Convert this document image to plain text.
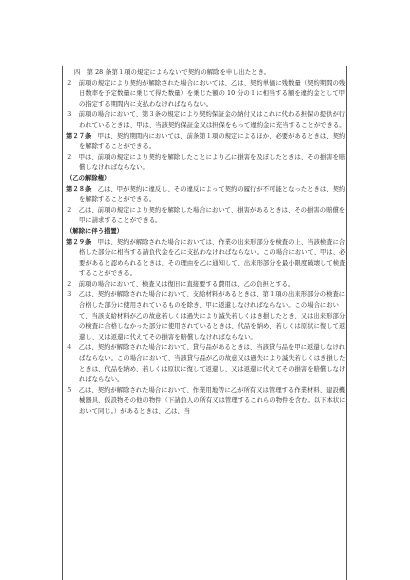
四　第 28 条第１項の規定によらないで契約の解除を申し出たとき。

２　前項の規定により契約が解除された場合においては、乙は、契約単価に残数量（契約期間の残日数率を予定数量に乗じて得た数量）を乗じた額の 10 分の１に相当する額を違約金として甲の指定する期間内に支払わなければならない。

３　前項の場合において、第３条の規定により契約保証金の納付又はこれに代わる担保の提供が行われているときは、甲は、当該契約保証金又は担保をもって違約金に充当することができる。

第２７条　甲は、契約期間内においては、前条第１項の規定によるほか、必要があるときは、契約を解除することができる。

２　甲は、前項の規定により契約を解除したことにより乙に損害を及ぼしたときは、その損害を賠償しなければならない。

（乙の解除権）

第２８条　乙は、甲が契約に違反し、その違反によって契約の履行が不可能となったときは、契約を解除することができる。

２　乙は、前項の規定により契約を解除した場合において、損害があるときは、その損害の賠償を甲に請求することができる。

（解除に伴う措置）

第２９条　甲は、契約が解除された場合においては、作業の出来形部分を検査の上、当該検査に合格した部分に相当する請負代金を乙に支払わなければならない。この場合において、甲は、必要があると認められるときは、その理由を乙に通知して、出来形部分を最小限度破壊して検査することができる。

２　前項の場合において、検査又は復旧に直接要する費用は、乙の負担とする。

３　乙は、契約が解除された場合において、支給材料があるときは、第１項の出来形部分の検査に合格した部分に使用されているものを除き、甲に返還しなければならない。この場合において、当該支給材料が乙の故意若しくは過失により滅失若しくはき損したとき、又は出来形部分の検査に合格しなかった部分に使用されているときは、代品を納め、若しくは原状に復して返還し、又は返還に代えてその損害を賠償しなければならない。

４　乙は、契約が解除された場合において、貸与品があるときは、当該貸与品を甲に返還しなければならない。この場合において、当該貸与品が乙の故意又は過失により滅失若しくはき損したときは、代品を納め、若しくは原状に復して返還し、又は返還に代えてその損害を賠償しなければならない。

５　乙は、契約が解除された場合において、作業用地等に乙が所有又は管理する作業材料、建設機械器具、仮設物その他の物件（下請負人の所有又は管理するこれらの物件を含む。以下本状において同じ。）があるときは、乙は、当
